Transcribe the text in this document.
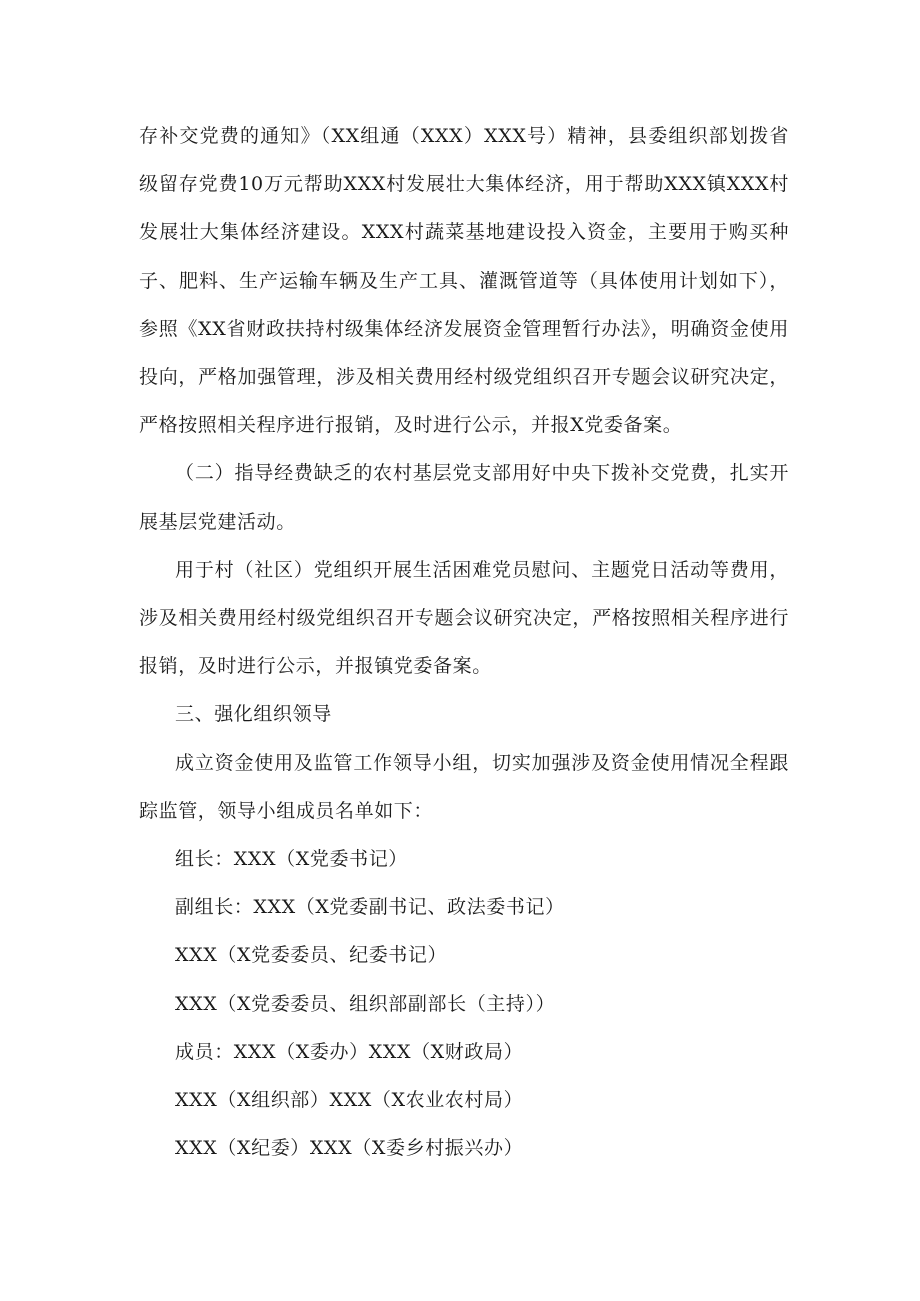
存补交党费的通知》（XX组通（XXX）XXX号）精神，县委组织部划拨省级留存党费10万元帮助XXX村发展壮大集体经济，用于帮助XXX镇XXX村发展壮大集体经济建设。XXX村蔬菜基地建设投入资金，主要用于购买种子、肥料、生产运输车辆及生产工具、灌溉管道等（具体使用计划如下），参照《XX省财政扶持村级集体经济发展资金管理暂行办法》，明确资金使用投向，严格加强管理，涉及相关费用经村级党组织召开专题会议研究决定，严格按照相关程序进行报销，及时进行公示，并报X党委备案。

（二）指导经费缺乏的农村基层党支部用好中央下拨补交党费，扎实开展基层党建活动。

用于村（社区）党组织开展生活困难党员慰问、主题党日活动等费用，涉及相关费用经村级党组织召开专题会议研究决定，严格按照相关程序进行报销，及时进行公示，并报镇党委备案。

三、强化组织领导

成立资金使用及监管工作领导小组，切实加强涉及资金使用情况全程跟踪监管，领导小组成员名单如下：

组长：XXX（X党委书记）

副组长：XXX（X党委副书记、政法委书记）

XXX（X党委委员、纪委书记）

XXX（X党委委员、组织部副部长（主持））

成员：XXX（X委办）XXX（X财政局）

XXX（X组织部）XXX（X农业农村局）

XXX（X纪委）XXX（X委乡村振兴办）
